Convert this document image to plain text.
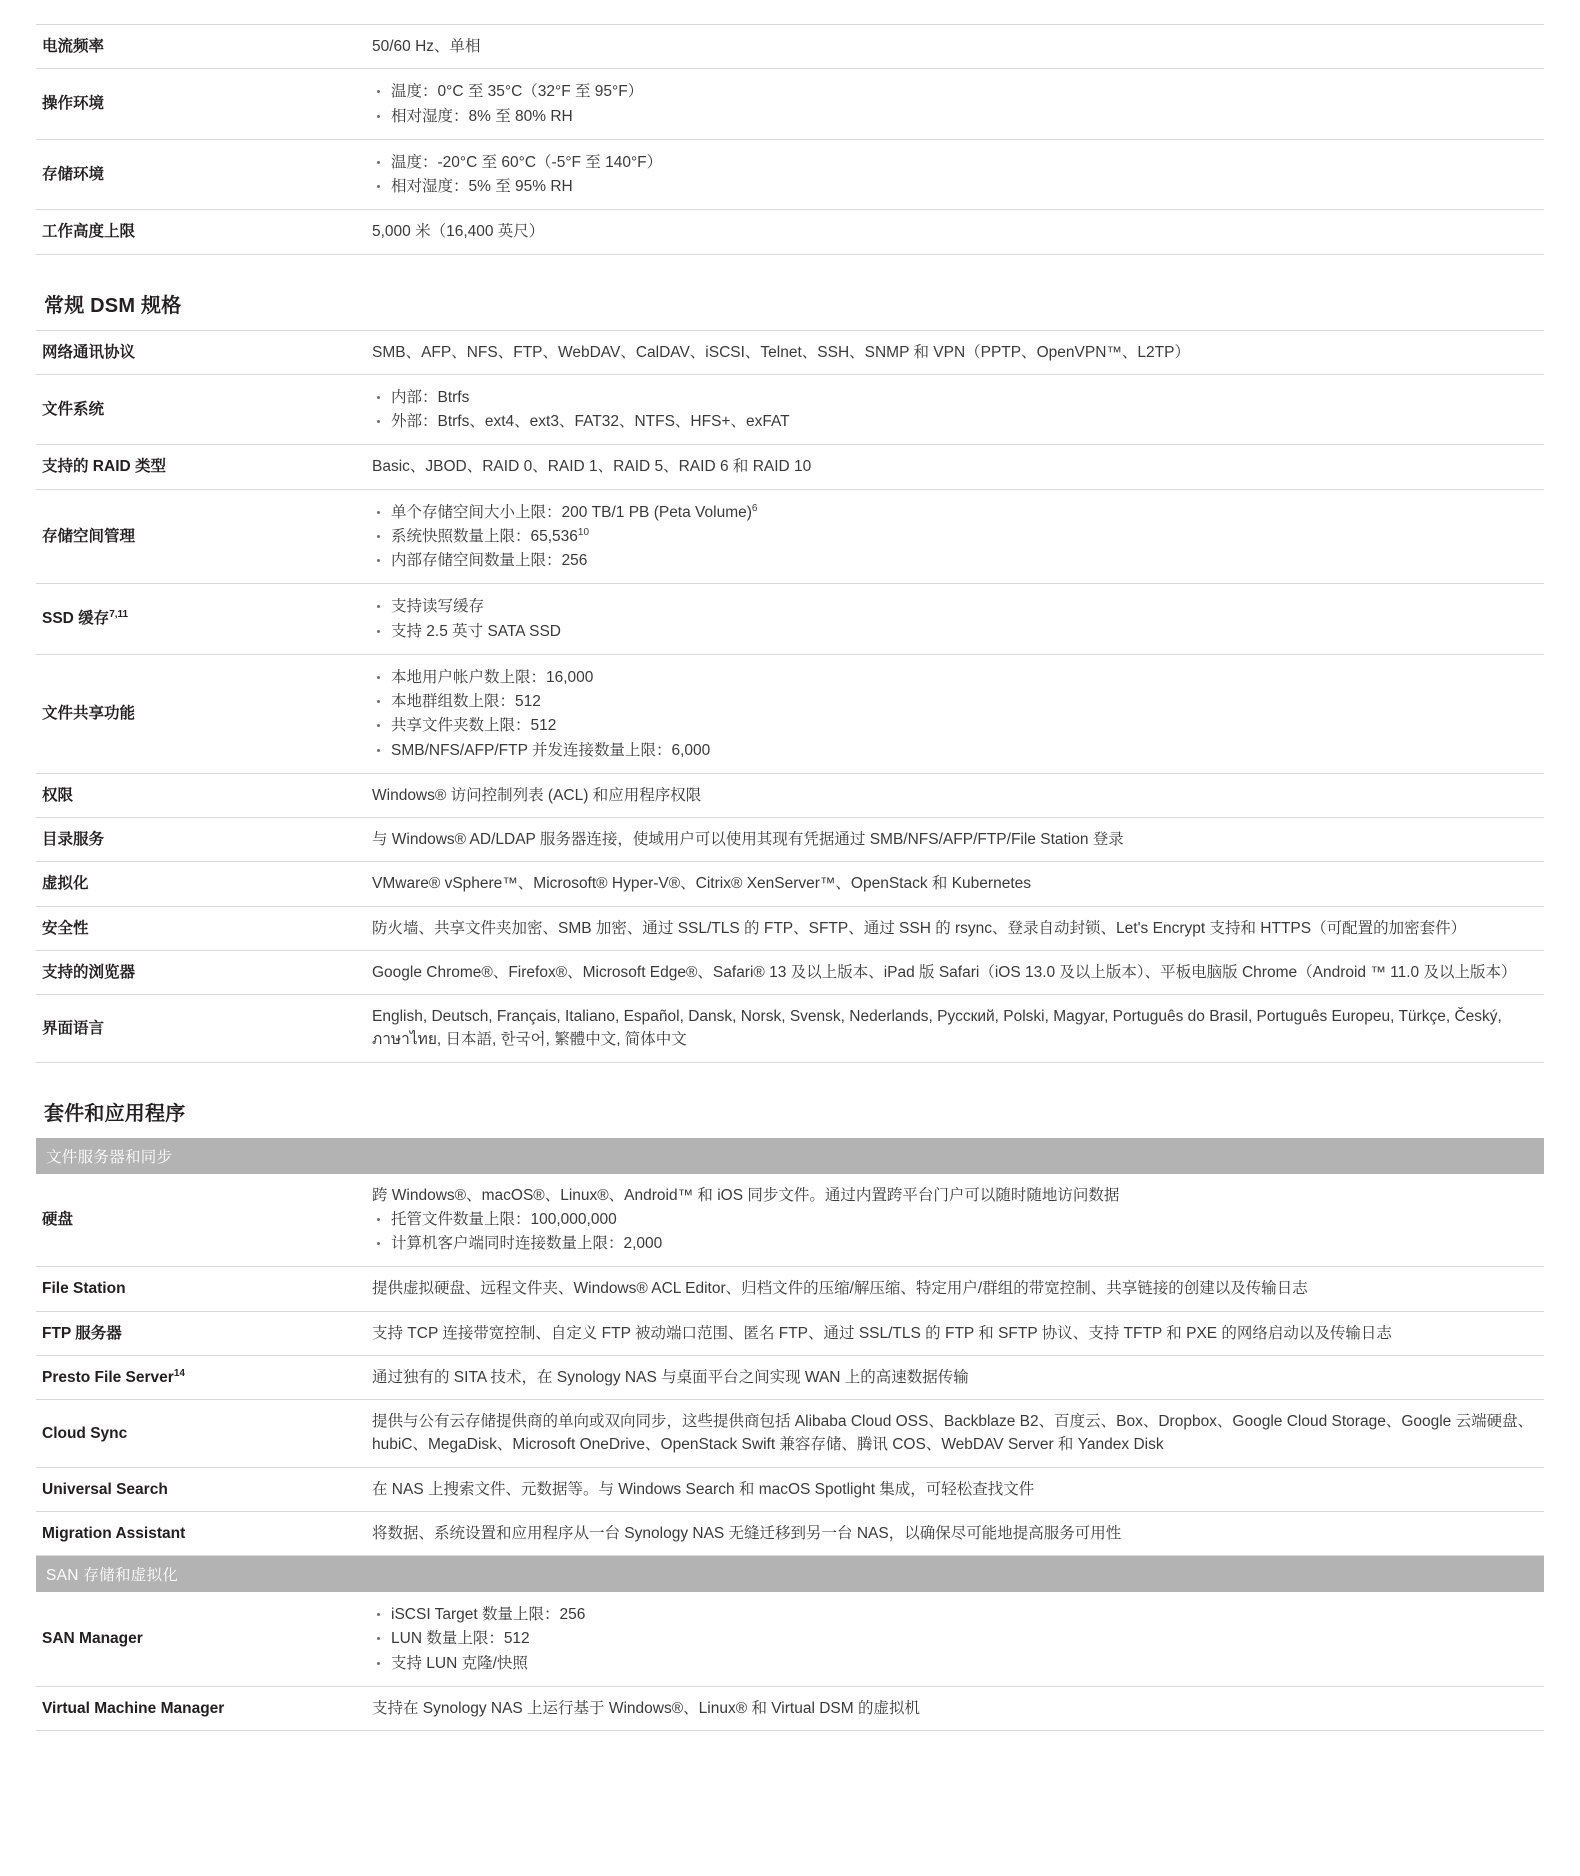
电流频率	50/60 Hz、单相

操作环境	
温度：0°C 至 35°C（32°F 至 95°F）
相对湿度：8% 至 80% RH

存储环境	
温度：-20°C 至 60°C（-5°F 至 140°F）
相对湿度：5% 至 95% RH

工作高度上限	5,000 米（16,400 英尺）
常规 DSM 规格
网络通讯协议	SMB、AFP、NFS、FTP、WebDAV、CalDAV、iSCSI、Telnet、SSH、SNMP 和 VPN（PPTP、OpenVPN™、L2TP）

文件系统	
内部：Btrfs
外部：Btrfs、ext4、ext3、FAT32、NTFS、HFS+、exFAT

支持的 RAID 类型	Basic、JBOD、RAID 0、RAID 1、RAID 5、RAID 6 和 RAID 10

存储空间管理	
单个存储空间大小上限：200 TB/1 PB (Peta Volume)$^6$
系统快照数量上限：65,536$^{10}$
内部存储空间数量上限：256

SSD 缓存$^{7,11}$	支持读写缓存
支持 2.5 英寸 SATA SSD

文件共享功能	
本地用户帐户数上限：16,000
本地群组数上限：512
共享文件夹数上限：512
SMB/NFS/AFP/FTP 并发连接数量上限：6,000

权限	Windows® 访问控制列表 (ACL) 和应用程序权限

目录服务	与 Windows® AD/LDAP 服务器连接，使域用户可以使用其现有凭据通过 SMB/NFS/AFP/FTP/File Station 登录

虚拟化	VMware® vSphere™、Microsoft® Hyper-V®、Citrix® XenServer™、OpenStack 和 Kubernetes

安全性	防火墙、共享文件夹加密、SMB 加密、通过 SSL/TLS 的 FTP、SFTP、通过 SSH 的 rsync、登录自动封锁、Let's Encrypt 支持和 HTTPS（可配置的加密套件）

支持的浏览器	Google Chrome®、Firefox®、Microsoft Edge®、Safari® 13 及以上版本、iPad 版 Safari（iOS 13.0 及以上版本）、平板电脑版 Chrome（Android ™ 11.0 及以上版本）

界面语言	English, Deutsch, Français, Italiano, Español, Dansk, Norsk, Svensk, Nederlands, Русский, Polski, Magyar, Português do Brasil, Português Europeu, Türkçe, Český, ภาษาไทย, 日本語, 한국어, 繁體中文, 简体中文
套件和应用程序
文件服务器和同步
硬盘	
跨 Windows®、macOS®、Linux®、Android™ 和 iOS 同步文件。通过内置跨平台门户可以随时随地访问数据
托管文件数量上限：100,000,000
计算机客户端同时连接数量上限：2,000

File Station	提供虚拟硬盘、远程文件夹、Windows® ACL Editor、归档文件的压缩/解压缩、特定用户/群组的带宽控制、共享链接的创建以及传输日志

FTP 服务器	支持 TCP 连接带宽控制、自定义 FTP 被动端口范围、匿名 FTP、通过 SSL/TLS 的 FTP 和 SFTP 协议、支持 TFTP 和 PXE 的网络启动以及传输日志

Presto File Server$^{14}$	通过独有的 SITA 技术，在 Synology NAS 与桌面平台之间实现 WAN 上的高速数据传输

Cloud Sync	提供与公有云存储提供商的单向或双向同步，这些提供商包括 Alibaba Cloud OSS、Backblaze B2、百度云、Box、Dropbox、Google Cloud Storage、Google 云端硬盘、hubiC、MegaDisk、Microsoft OneDrive、OpenStack Swift 兼容存储、腾讯 COS、WebDAV Server 和 Yandex Disk

Universal Search	在 NAS 上搜索文件、元数据等。与 Windows Search 和 macOS Spotlight 集成，可轻松查找文件

Migration Assistant	将数据、系统设置和应用程序从一台 Synology NAS 无缝迁移到另一台 NAS，以确保尽可能地提高服务可用性
SAN 存储和虚拟化
SAN Manager	
iSCSI Target 数量上限：256
LUN 数量上限：512
支持 LUN 克隆/快照

Virtual Machine Manager	支持在 Synology NAS 上运行基于 Windows®、Linux® 和 Virtual DSM 的虚拟机
